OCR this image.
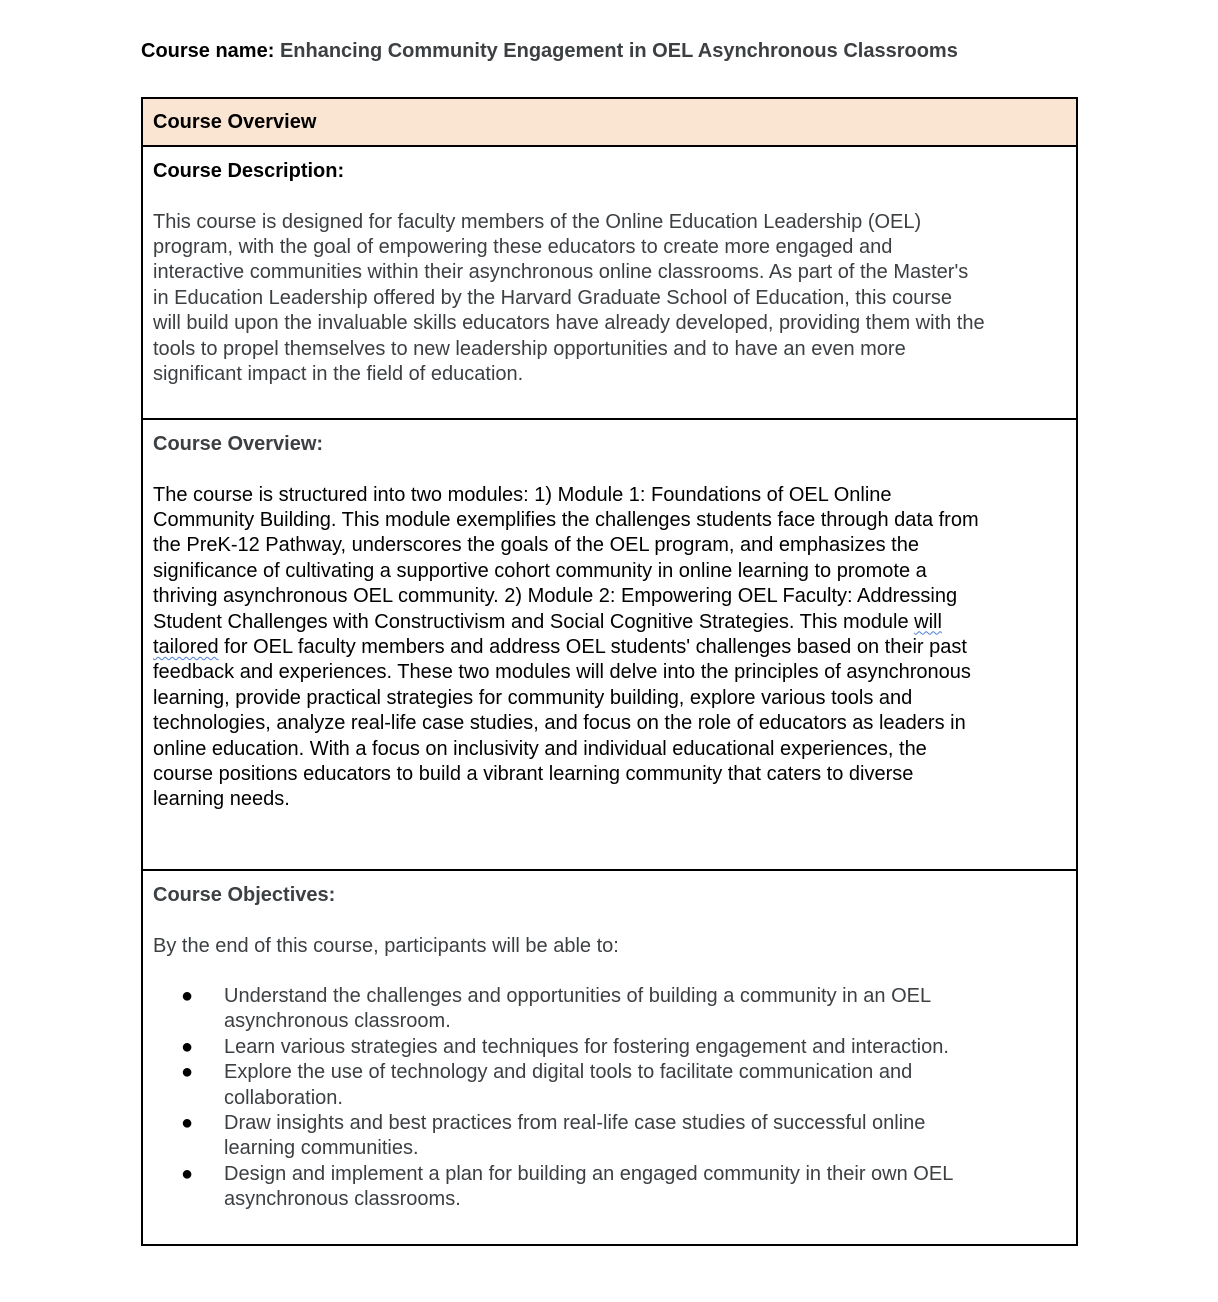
Course name: Enhancing Community Engagement in OEL Asynchronous Classrooms
Course Overview

Course Description:
This course is designed for faculty members of the Online Education Leadership (OEL)
program, with the goal of empowering these educators to create more engaged and
interactive communities within their asynchronous online classrooms. As part of the Master's
in Education Leadership offered by the Harvard Graduate School of Education, this course
will build upon the invaluable skills educators have already developed, providing them with the
tools to propel themselves to new leadership opportunities and to have an even more
significant impact in the field of education.

Course Overview:
The course is structured into two modules: 1) Module 1: Foundations of OEL Online
Community Building. This module exemplifies the challenges students face through data from
the PreK-12 Pathway, underscores the goals of the OEL program, and emphasizes the
significance of cultivating a supportive cohort community in online learning to promote a
thriving asynchronous OEL community. 2) Module 2: Empowering OEL Faculty: Addressing
Student Challenges with Constructivism and Social Cognitive Strategies. This module will
tailored for OEL faculty members and address OEL students' challenges based on their past
feedback and experiences. These two modules will delve into the principles of asynchronous
learning, provide practical strategies for community building, explore various tools and
technologies, analyze real-life case studies, and focus on the role of educators as leaders in
online education. With a focus on inclusivity and individual educational experiences, the
course positions educators to build a vibrant learning community that caters to diverse
learning needs.

Course Objectives:
By the end of this course, participants will be able to:
● Understand the challenges and opportunities of building a community in an OEL
asynchronous classroom.
● Learn various strategies and techniques for fostering engagement and interaction.
● Explore the use of technology and digital tools to facilitate communication and
collaboration.
● Draw insights and best practices from real-life case studies of successful online
learning communities.
● Design and implement a plan for building an engaged community in their own OEL
asynchronous classrooms.
